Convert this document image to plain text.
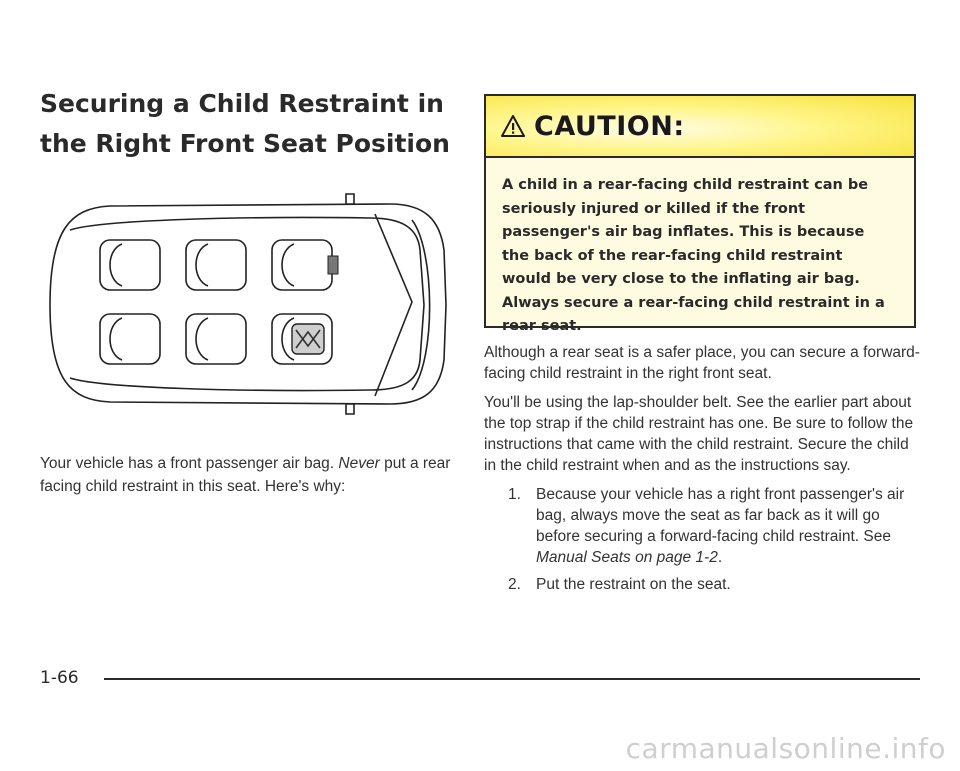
Securing a Child Restraint in the Right Front Seat Position

Your vehicle has a front passenger air bag. Never put a rear facing child restraint in this seat. Here's why:

CAUTION:

A child in a rear-facing child restraint can be seriously injured or killed if the front passenger's air bag inflates. This is because the back of the rear-facing child restraint would be very close to the inflating air bag. Always secure a rear-facing child restraint in a rear seat.

Although a rear seat is a safer place, you can secure a forward-facing child restraint in the right front seat.

You'll be using the lap-shoulder belt. See the earlier part about the top strap if the child restraint has one. Be sure to follow the instructions that came with the child restraint. Secure the child in the child restraint when and as the instructions say.

1. Because your vehicle has a right front passenger's air bag, always move the seat as far back as it will go before securing a forward-facing child restraint. See Manual Seats on page 1-2.
2. Put the restraint on the seat.
1-66
carmanualsonline.info
